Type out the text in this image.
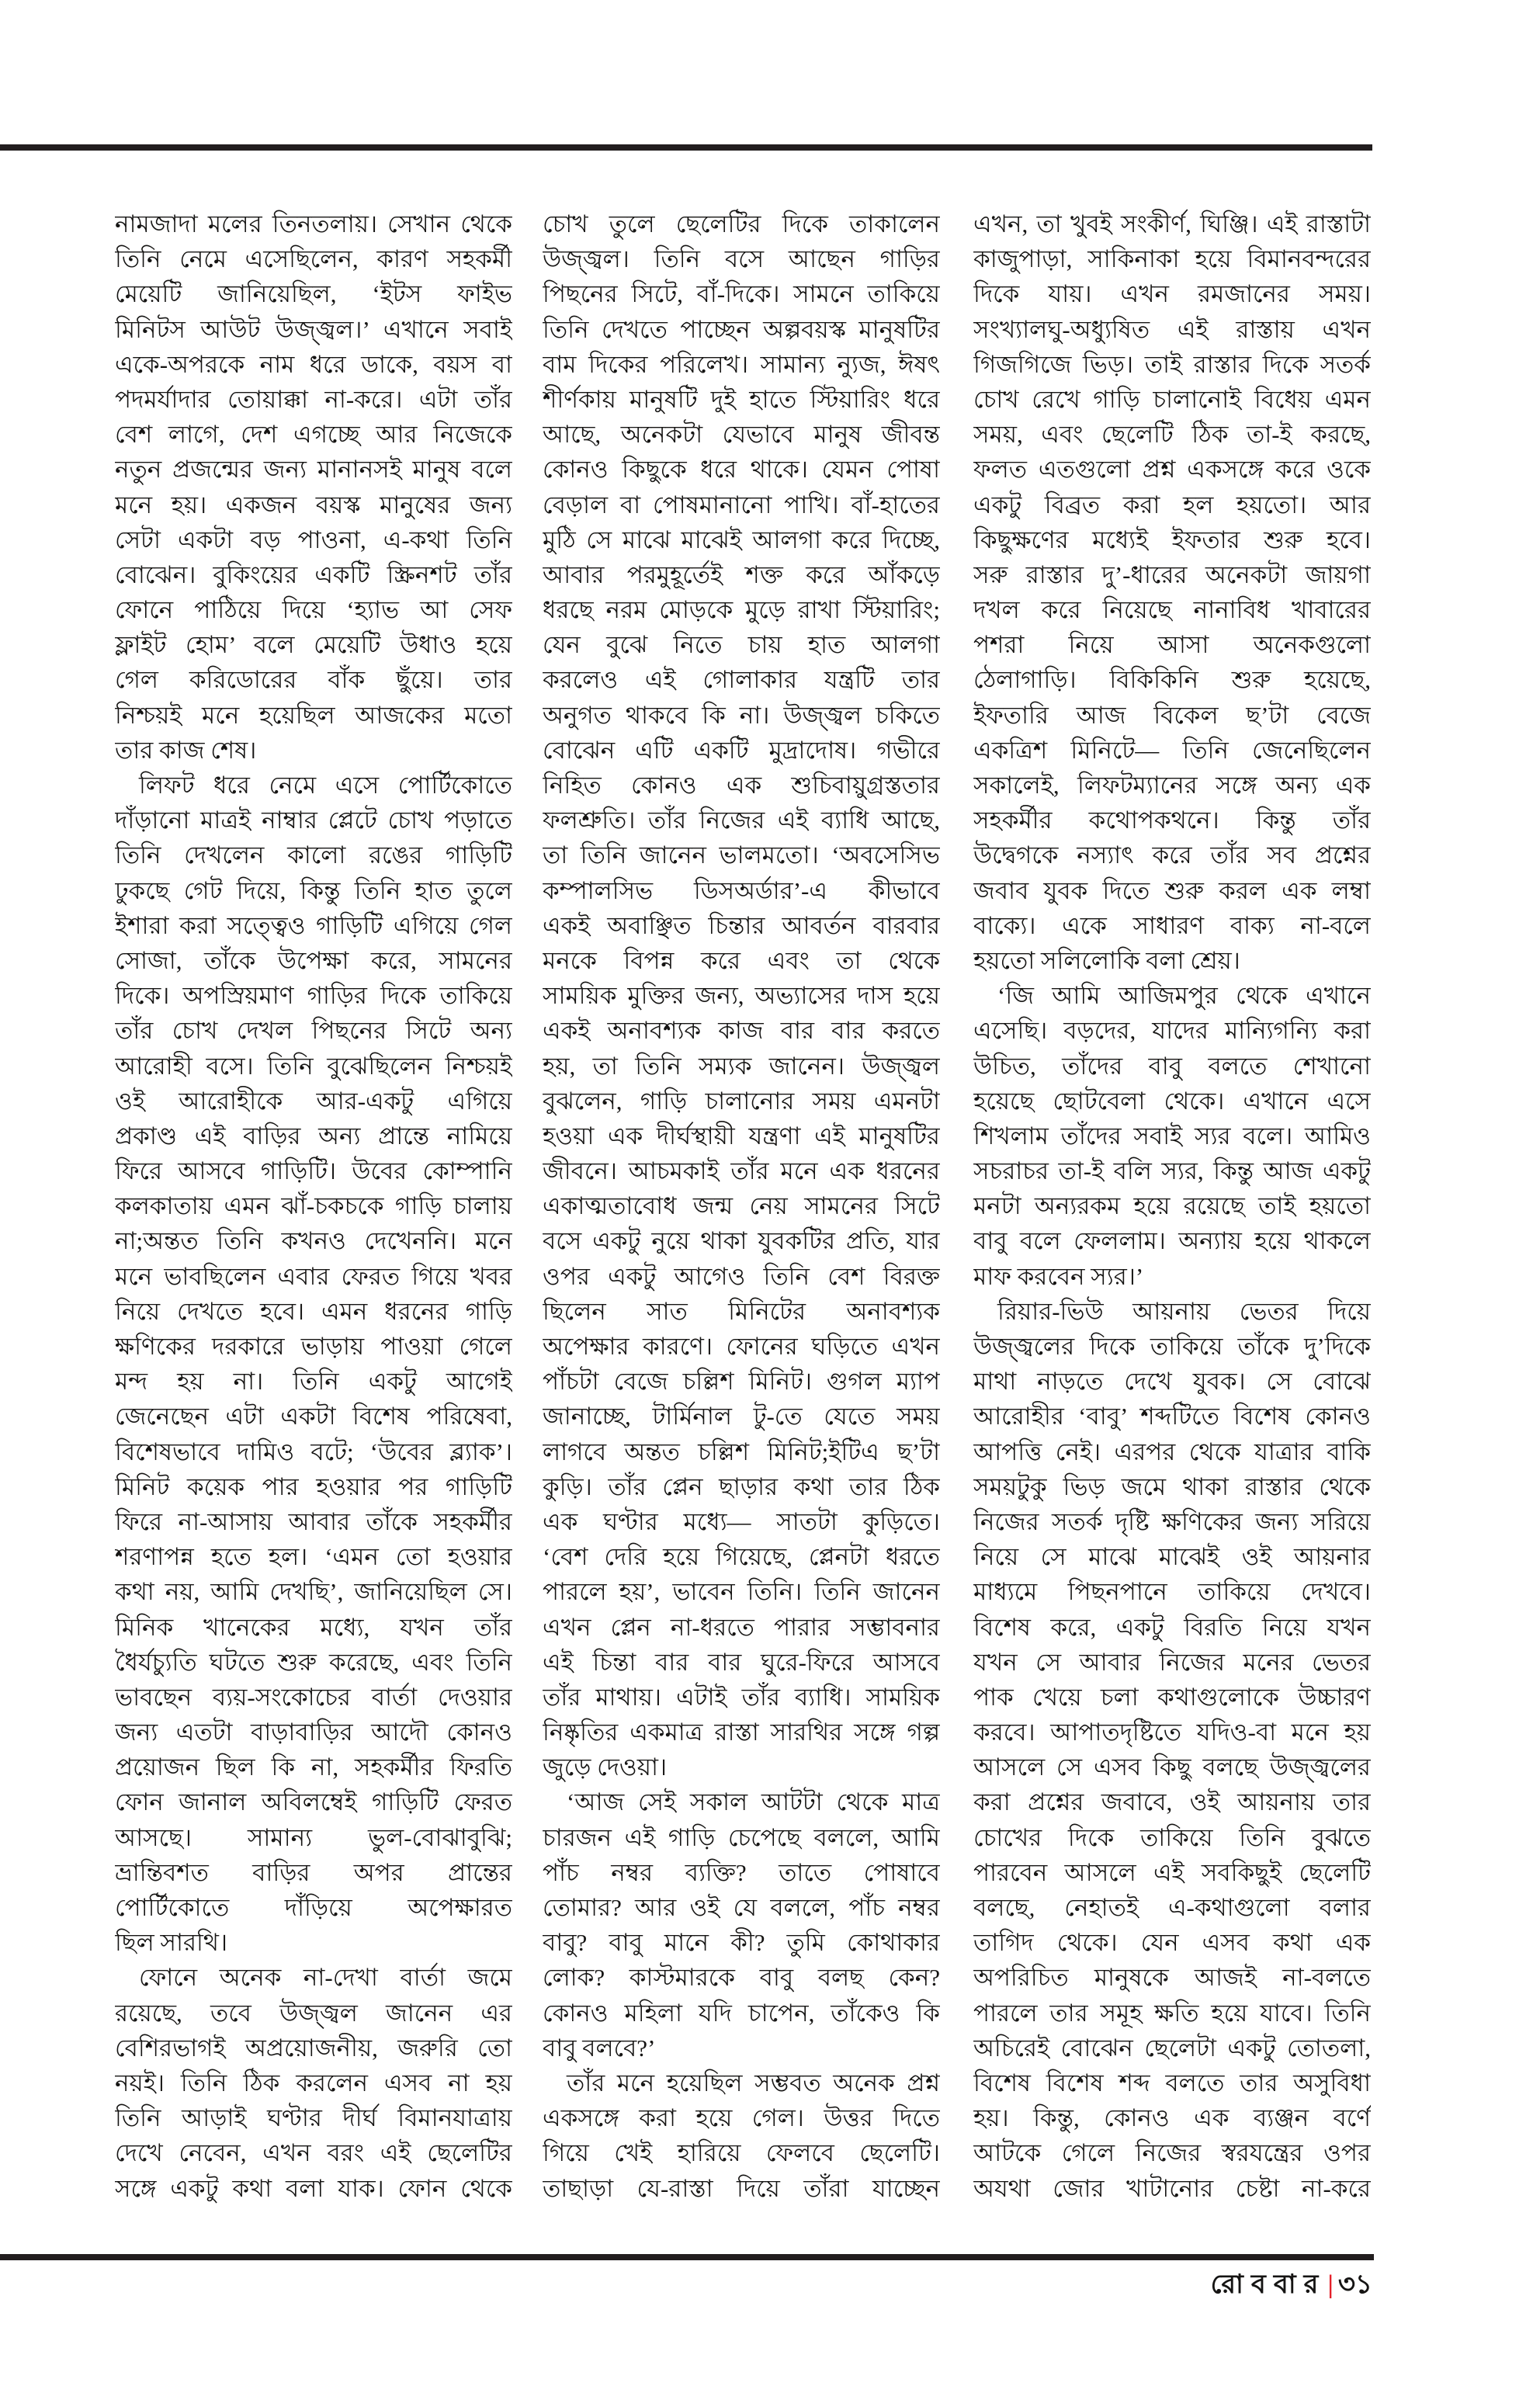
নামজাদা মলের তিনতলায়। সেখান থেকে
তিনি নেমে এসেছিলেন, কারণ সহকর্মী
মেয়েটি জানিয়েছিল, ‘ইটস ফাইভ
মিনিটস আউট উজ্জ্বল।’ এখানে সবাই
একে-অপরকে নাম ধরে ডাকে, বয়স বা
পদমর্যাদার তোয়াক্কা না-করে। এটা তাঁর
বেশ লাগে, দেশ এগচ্ছে আর নিজেকে
নতুন প্রজন্মের জন্য মানানসই মানুষ বলে
মনে হয়। একজন বয়স্ক মানুষের জন্য
সেটা একটা বড় পাওনা, এ-কথা তিনি
বোঝেন। বুকিংয়ের একটি স্ক্রিনশট তাঁর
ফোনে পাঠিয়ে দিয়ে ‘হ্যাভ আ সেফ
ফ্লাইট হোম’ বলে মেয়েটি উধাও হয়ে
গেল করিডোরের বাঁক ছুঁয়ে। তার
নিশ্চয়ই মনে হয়েছিল আজকের মতো
তার কাজ শেষ।
 লিফট ধরে নেমে এসে পোর্টিকোতে
দাঁড়ানো মাত্রই নাম্বার প্লেটে চোখ পড়াতে
তিনি দেখলেন কালো রঙের গাড়িটি
ঢুকছে গেট দিয়ে, কিন্তু তিনি হাত তুলে
ইশারা করা সত্ত্বেও গাড়িটি এগিয়ে গেল
সোজা, তাঁকে উপেক্ষা করে, সামনের
দিকে। অপস্রিয়মাণ গাড়ির দিকে তাকিয়ে
তাঁর চোখ দেখল পিছনের সিটে অন্য
আরোহী বসে। তিনি বুঝেছিলেন নিশ্চয়ই
ওই আরোহীকে আর-একটু এগিয়ে
প্রকাণ্ড এই বাড়ির অন্য প্রান্তে নামিয়ে
ফিরে আসবে গাড়িটি। উবের কোম্পানি
কলকাতায় এমন ঝাঁ-চকচকে গাড়ি চালায়
না;অন্তত তিনি কখনও দেখেননি। মনে
মনে ভাবছিলেন এবার ফেরত গিয়ে খবর
নিয়ে দেখতে হবে। এমন ধরনের গাড়ি
ক্ষণিকের দরকারে ভাড়ায় পাওয়া গেলে
মন্দ হয় না। তিনি একটু আগেই
জেনেছেন এটা একটা বিশেষ পরিষেবা,
বিশেষভাবে দামিও বটে; ‘উবের ব্ল্যাক’।
মিনিট কয়েক পার হওয়ার পর গাড়িটি
ফিরে না-আসায় আবার তাঁকে সহকর্মীর
শরণাপন্ন হতে হল। ‘এমন তো হওয়ার
কথা নয়, আমি দেখছি’, জানিয়েছিল সে।
মিনিক খানেকের মধ্যে, যখন তাঁর
ধৈর্যচ্যুতি ঘটতে শুরু করেছে, এবং তিনি
ভাবছেন ব্যয়-সংকোচের বার্তা দেওয়ার
জন্য এতটা বাড়াবাড়ির আদৌ কোনও
প্রয়োজন ছিল কি না, সহকর্মীর ফিরতি
ফোন জানাল অবিলম্বেই গাড়িটি ফেরত
আসছে। সামান্য ভুল-বোঝাবুঝি;
ভ্রান্তিবশত বাড়ির অপর প্রান্তের
পোর্টিকোতে দাঁড়িয়ে অপেক্ষারত
ছিল সারথি।
 ফোনে অনেক না-দেখা বার্তা জমে
রয়েছে, তবে উজ্জ্বল জানেন এর
বেশিরভাগই অপ্রয়োজনীয়, জরুরি তো
নয়ই। তিনি ঠিক করলেন এসব না হয়
তিনি আড়াই ঘণ্টার দীর্ঘ বিমানযাত্রায়
দেখে নেবেন, এখন বরং এই ছেলেটির
সঙ্গে একটু কথা বলা যাক। ফোন থেকে
চোখ তুলে ছেলেটির দিকে তাকালেন
উজ্জ্বল। তিনি বসে আছেন গাড়ির
পিছনের সিটে, বাঁ-দিকে। সামনে তাকিয়ে
তিনি দেখতে পাচ্ছেন অল্পবয়স্ক মানুষটির
বাম দিকের পরিলেখ। সামান্য ন্যুজ, ঈষৎ
শীর্ণকায় মানুষটি দুই হাতে স্টিয়ারিং ধরে
আছে, অনেকটা যেভাবে মানুষ জীবন্ত
কোনও কিছুকে ধরে থাকে। যেমন পোষা
বেড়াল বা পোষমানানো পাখি। বাঁ-হাতের
মুঠি সে মাঝে মাঝেই আলগা করে দিচ্ছে,
আবার পরমুহূর্তেই শক্ত করে আঁকড়ে
ধরছে নরম মোড়কে মুড়ে রাখা স্টিয়ারিং;
যেন বুঝে নিতে চায় হাত আলগা
করলেও এই গোলাকার যন্ত্রটি তার
অনুগত থাকবে কি না। উজ্জ্বল চকিতে
বোঝেন এটি একটি মুদ্রাদোষ। গভীরে
নিহিত কোনও এক শুচিবায়ুগ্রস্ততার
ফলশ্রুতি। তাঁর নিজের এই ব্যাধি আছে,
তা তিনি জানেন ভালমতো। ‘অবসেসিভ
কম্পালসিভ ডিসঅর্ডার’-এ কীভাবে
একই অবাঞ্ছিত চিন্তার আবর্তন বারবার
মনকে বিপন্ন করে এবং তা থেকে
সাময়িক মুক্তির জন্য, অভ্যাসের দাস হয়ে
একই অনাবশ্যক কাজ বার বার করতে
হয়, তা তিনি সম্যক জানেন। উজ্জ্বল
বুঝলেন, গাড়ি চালানোর সময় এমনটা
হওয়া এক দীর্ঘস্থায়ী যন্ত্রণা এই মানুষটির
জীবনে। আচমকাই তাঁর মনে এক ধরনের
একাত্মতাবোধ জন্ম নেয় সামনের সিটে
বসে একটু নুয়ে থাকা যুবকটির প্রতি, যার
ওপর একটু আগেও তিনি বেশ বিরক্ত
ছিলেন সাত মিনিটের অনাবশ্যক
অপেক্ষার কারণে। ফোনের ঘড়িতে এখন
পাঁচটা বেজে চল্লিশ মিনিট। গুগল ম্যাপ
জানাচ্ছে, টার্মিনাল টু-তে যেতে সময়
লাগবে অন্তত চল্লিশ মিনিট;ইটিএ ছ’টা
কুড়ি। তাঁর প্লেন ছাড়ার কথা তার ঠিক
এক ঘণ্টার মধ্যে— সাতটা কুড়িতে।
‘বেশ দেরি হয়ে গিয়েছে, প্লেনটা ধরতে
পারলে হয়’, ভাবেন তিনি। তিনি জানেন
এখন প্লেন না-ধরতে পারার সম্ভাবনার
এই চিন্তা বার বার ঘুরে-ফিরে আসবে
তাঁর মাথায়। এটাই তাঁর ব্যাধি। সাময়িক
নিষ্কৃতির একমাত্র রাস্তা সারথির সঙ্গে গল্প
জুড়ে দেওয়া।
 ‘আজ সেই সকাল আটটা থেকে মাত্র
চারজন এই গাড়ি চেপেছে বললে, আমি
পাঁচ নম্বর ব্যক্তি? তাতে পোষাবে
তোমার? আর ওই যে বললে, পাঁচ নম্বর
বাবু? বাবু মানে কী? তুমি কোথাকার
লোক? কাস্টমারকে বাবু বলছ কেন?
কোনও মহিলা যদি চাপেন, তাঁকেও কি
বাবু বলবে?’
 তাঁর মনে হয়েছিল সম্ভবত অনেক প্রশ্ন
একসঙ্গে করা হয়ে গেল। উত্তর দিতে
গিয়ে খেই হারিয়ে ফেলবে ছেলেটি।
তাছাড়া যে-রাস্তা দিয়ে তাঁরা যাচ্ছেন
এখন, তা খুবই সংকীর্ণ, ঘিঞ্জি। এই রাস্তাটা
কাজুপাড়া, সাকিনাকা হয়ে বিমানবন্দরের
দিকে যায়। এখন রমজানের সময়।
সংখ্যালঘু-অধ্যুষিত এই রাস্তায় এখন
গিজগিজে ভিড়। তাই রাস্তার দিকে সতর্ক
চোখ রেখে গাড়ি চালানোই বিধেয় এমন
সময়, এবং ছেলেটি ঠিক তা-ই করছে,
ফলত এতগুলো প্রশ্ন একসঙ্গে করে ওকে
একটু বিব্রত করা হল হয়তো। আর
কিছুক্ষণের মধ্যেই ইফতার শুরু হবে।
সরু রাস্তার দু’-ধারের অনেকটা জায়গা
দখল করে নিয়েছে নানাবিধ খাবারের
পশরা নিয়ে আসা অনেকগুলো
ঠেলাগাড়ি। বিকিকিনি শুরু হয়েছে,
ইফতারি আজ বিকেল ছ’টা বেজে
একত্রিশ মিনিটে— তিনি জেনেছিলেন
সকালেই, লিফটম্যানের সঙ্গে অন্য এক
সহকর্মীর কথোপকথনে। কিন্তু তাঁর
উদ্বেগকে নস্যাৎ করে তাঁর সব প্রশ্নের
জবাব যুবক দিতে শুরু করল এক লম্বা
বাক্যে। একে সাধারণ বাক্য না-বলে
হয়তো সলিলোকি বলা শ্রেয়।
 ‘জি আমি আজিমপুর থেকে এখানে
এসেছি। বড়দের, যাদের মান্যিগন্যি করা
উচিত, তাঁদের বাবু বলতে শেখানো
হয়েছে ছোটবেলা থেকে। এখানে এসে
শিখলাম তাঁদের সবাই স্যর বলে। আমিও
সচরাচর তা-ই বলি স্যর, কিন্তু আজ একটু
মনটা অন্যরকম হয়ে রয়েছে তাই হয়তো
বাবু বলে ফেললাম। অন্যায় হয়ে থাকলে
মাফ করবেন স্যর।’
 রিয়ার-ভিউ আয়নায় ভেতর দিয়ে
উজ্জ্বলের দিকে তাকিয়ে তাঁকে দু’দিকে
মাথা নাড়তে দেখে যুবক। সে বোঝে
আরোহীর ‘বাবু’ শব্দটিতে বিশেষ কোনও
আপত্তি নেই। এরপর থেকে যাত্রার বাকি
সময়টুকু ভিড় জমে থাকা রাস্তার থেকে
নিজের সতর্ক দৃষ্টি ক্ষণিকের জন্য সরিয়ে
নিয়ে সে মাঝে মাঝেই ওই আয়নার
মাধ্যমে পিছনপানে তাকিয়ে দেখবে।
বিশেষ করে, একটু বিরতি নিয়ে যখন
যখন সে আবার নিজের মনের ভেতর
পাক খেয়ে চলা কথাগুলোকে উচ্চারণ
করবে। আপাতদৃষ্টিতে যদিও-বা মনে হয়
আসলে সে এসব কিছু বলছে উজ্জ্বলের
করা প্রশ্নের জবাবে, ওই আয়নায় তার
চোখের দিকে তাকিয়ে তিনি বুঝতে
পারবেন আসলে এই সবকিছুই ছেলেটি
বলছে, নেহাতই এ-কথাগুলো বলার
তাগিদ থেকে। যেন এসব কথা এক
অপরিচিত মানুষকে আজই না-বলতে
পারলে তার সমূহ ক্ষতি হয়ে যাবে। তিনি
অচিরেই বোঝেন ছেলেটা একটু তোতলা,
বিশেষ বিশেষ শব্দ বলতে তার অসুবিধা
হয়। কিন্তু, কোনও এক ব্যঞ্জন বর্ণে
আটকে গেলে নিজের স্বরযন্ত্রের ওপর
অযথা জোর খাটানোর চেষ্টা না-করে
রোববার| ৩১
